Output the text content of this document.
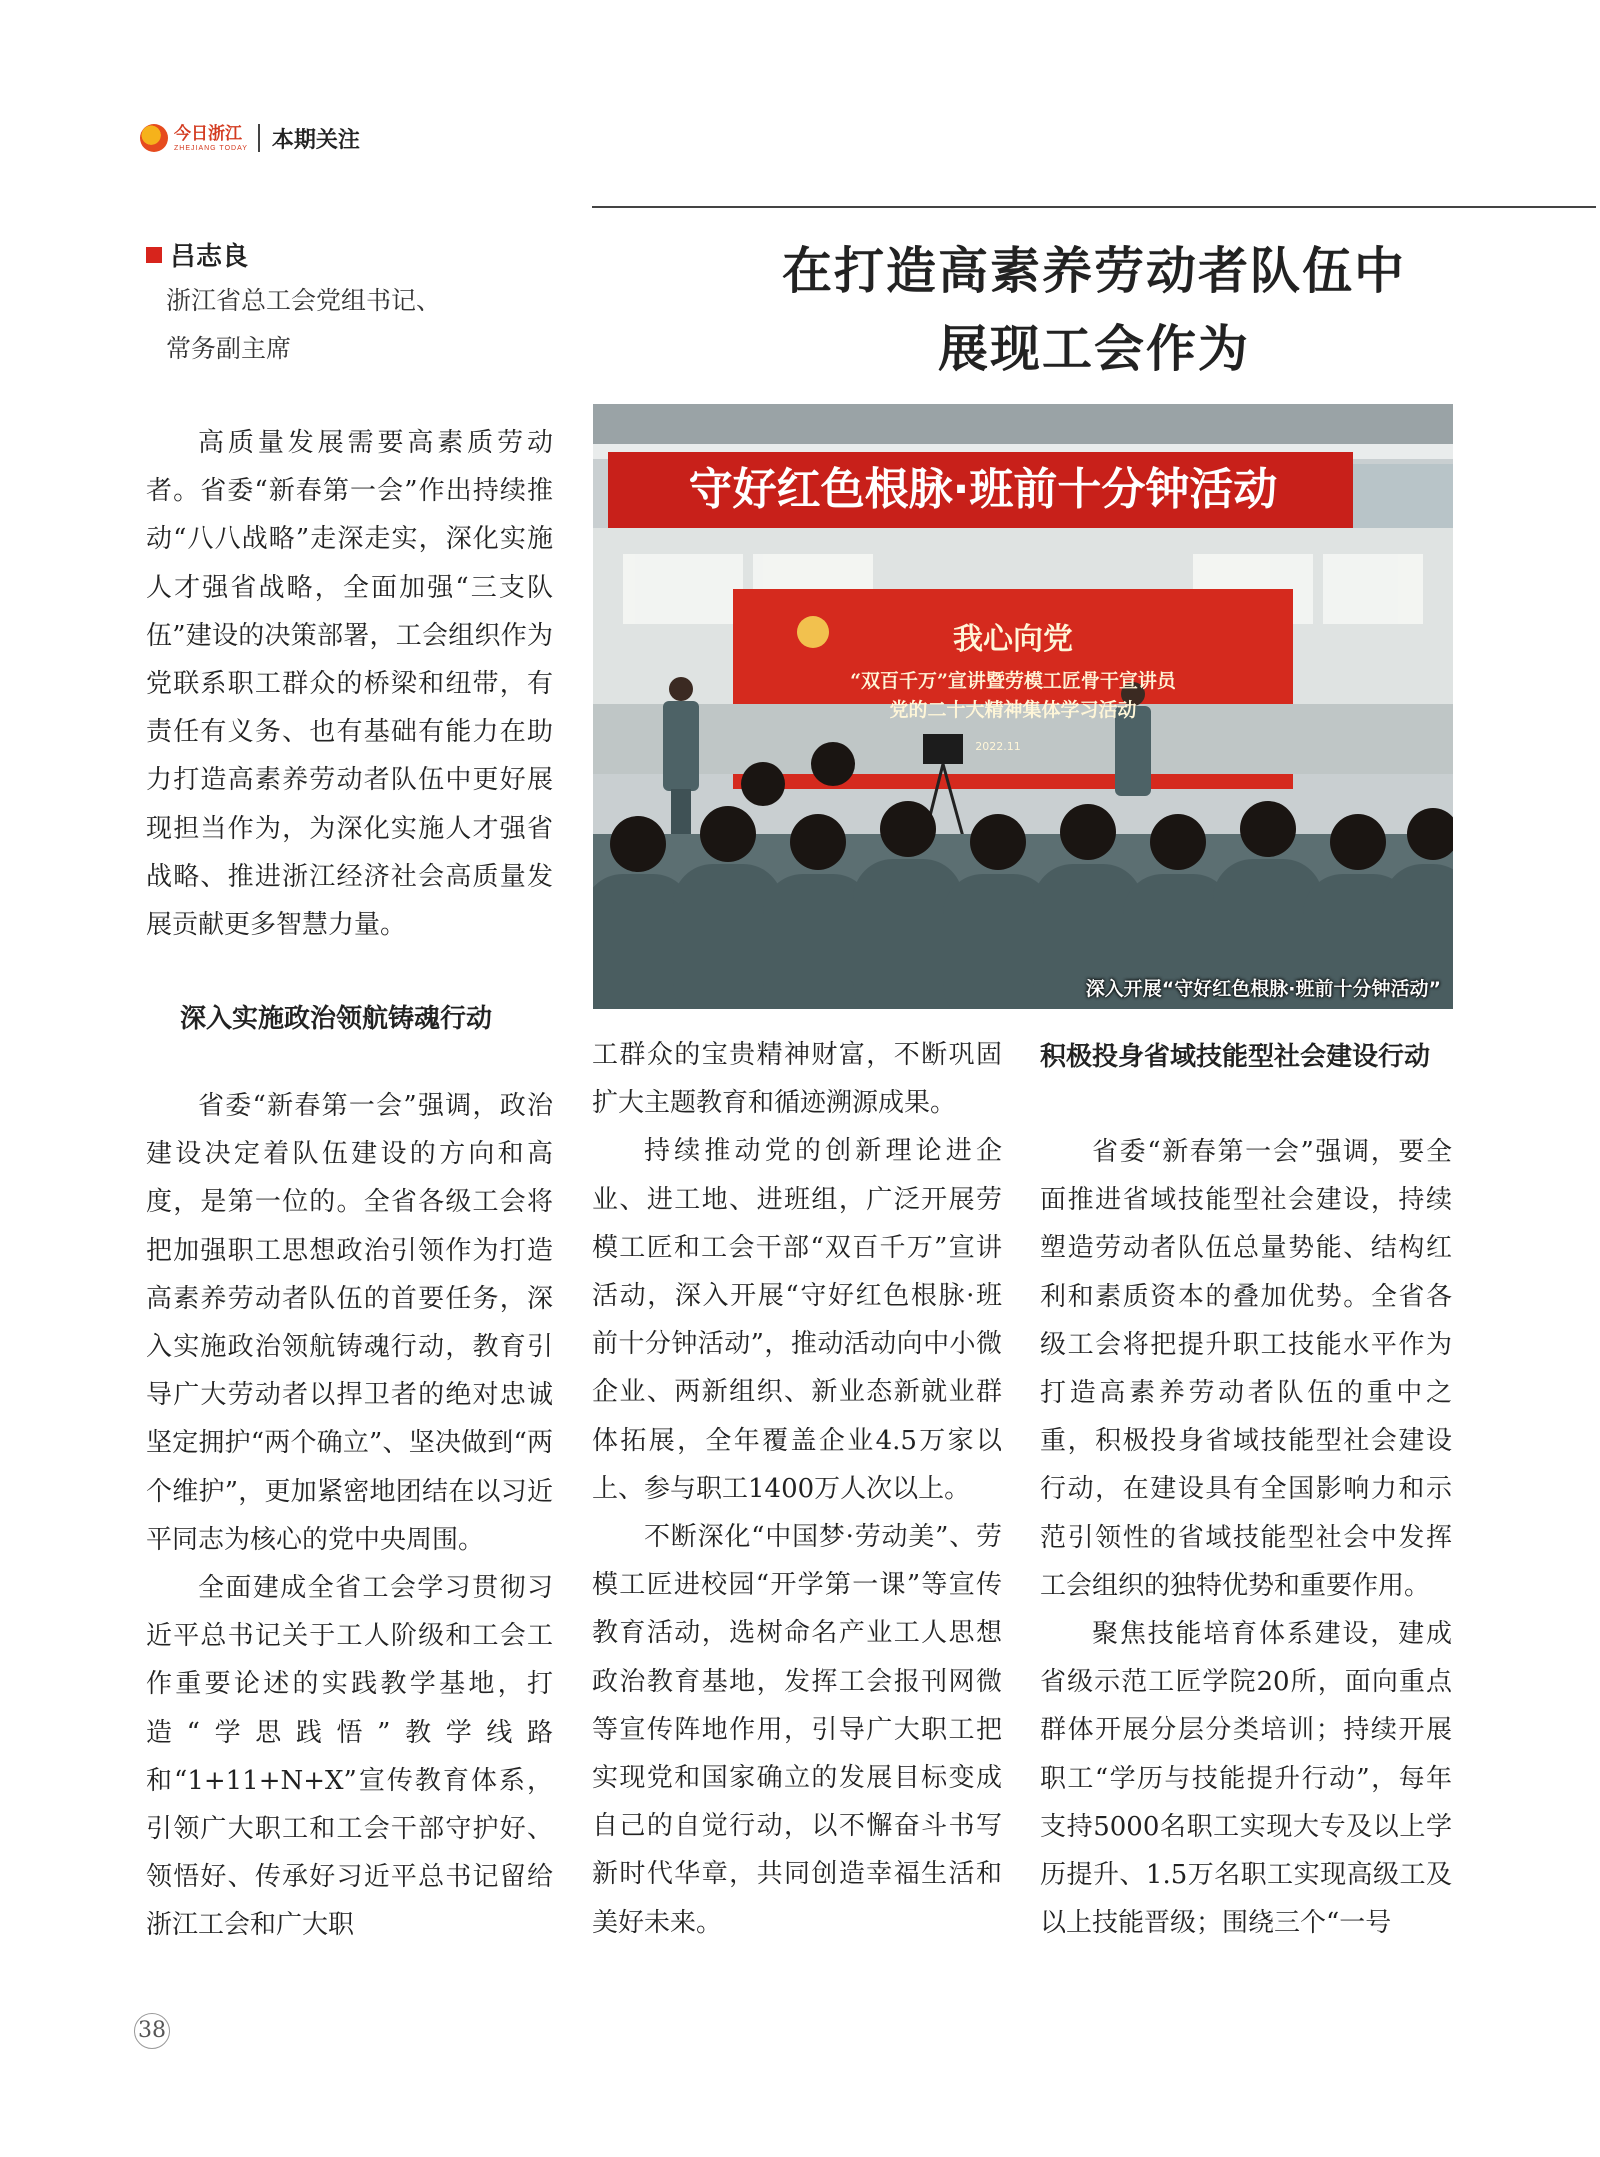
今日浙江
ZHEJIANG TODAY 本期关注
吕志良
浙江省总工会党组书记、
常务副主席
在打造高素养劳动者队伍中
展现工会作为
守好红色根脉·班前十分钟活动
我心向党
“双百千万”宣讲暨劳模工匠骨干宣讲员
党的二十大精神集体学习活动
2022.11
深入开展“守好红色根脉·班前十分钟活动”

高质量发展需要高素质劳动者。省委“新春第一会”作出持续推动“八八战略”走深走实，深化实施人才强省战略，全面加强“三支队伍”建设的决策部署，工会组织作为党联系职工群众的桥梁和纽带，有责任有义务、也有基础有能力在助力打造高素养劳动者队伍中更好展现担当作为，为深化实施人才强省战略、推进浙江经济社会高质量发展贡献更多智慧力量。

深入实施政治领航铸魂行动

省委“新春第一会”强调，政治建设决定着队伍建设的方向和高度，是第一位的。全省各级工会将把加强职工思想政治引领作为打造高素养劳动者队伍的首要任务，深入实施政治领航铸魂行动，教育引导广大劳动者以捍卫者的绝对忠诚坚定拥护“两个确立”、坚决做到“两个维护”，更加紧密地团结在以习近平同志为核心的党中央周围。

全面建成全省工会学习贯彻习近平总书记关于工人阶级和工会工作重要论述的实践教学基地，打造“学思践悟”教学线路和“1+11+N+X”宣传教育体系，引领广大职工和工会干部守护好、领悟好、传承好习近平总书记留给浙江工会和广大职

工群众的宝贵精神财富，不断巩固扩大主题教育和循迹溯源成果。

持续推动党的创新理论进企业、进工地、进班组，广泛开展劳模工匠和工会干部“双百千万”宣讲活动，深入开展“守好红色根脉·班前十分钟活动”，推动活动向中小微企业、两新组织、新业态新就业群体拓展，全年覆盖企业4.5万家以上、参与职工1400万人次以上。

不断深化“中国梦·劳动美”、劳模工匠进校园“开学第一课”等宣传教育活动，选树命名产业工人思想政治教育基地，发挥工会报刊网微等宣传阵地作用，引导广大职工把实现党和国家确立的发展目标变成自己的自觉行动，以不懈奋斗书写新时代华章，共同创造幸福生活和美好未来。

积极投身省域技能型社会建设行动

省委“新春第一会”强调，要全面推进省域技能型社会建设，持续塑造劳动者队伍总量势能、结构红利和素质资本的叠加优势。全省各级工会将把提升职工技能水平作为打造高素养劳动者队伍的重中之重，积极投身省域技能型社会建设行动，在建设具有全国影响力和示范引领性的省域技能型社会中发挥工会组织的独特优势和重要作用。

聚焦技能培育体系建设，建成省级示范工匠学院20所，面向重点群体开展分层分类培训；持续开展职工“学历与技能提升行动”，每年支持5000名职工实现大专及以上学历提升、1.5万名职工实现高级工及以上技能晋级；围绕三个“一号

38
